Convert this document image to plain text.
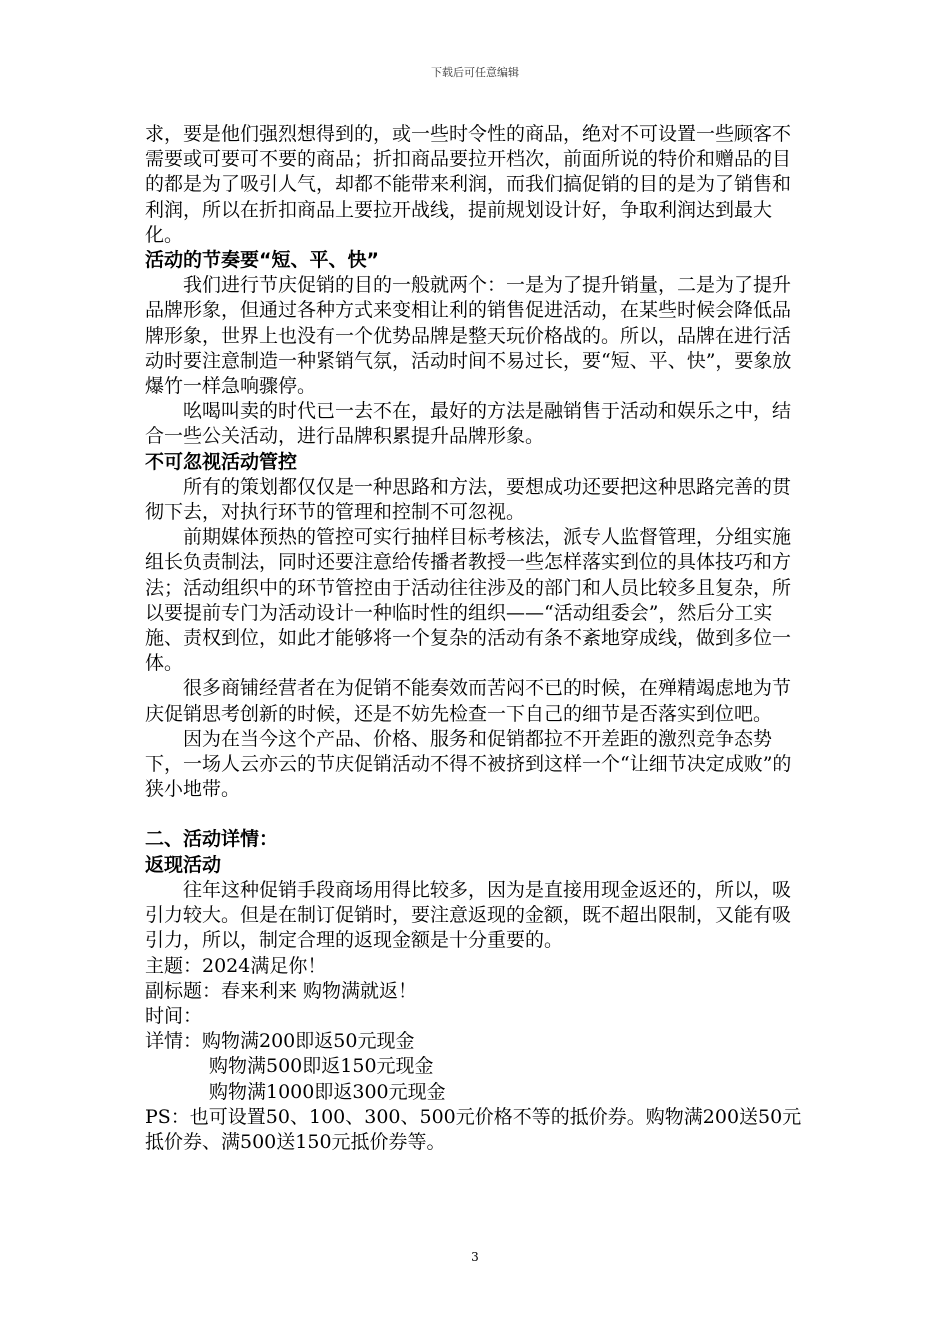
下载后可任意编辑

求，要是他们强烈想得到的，或一些时令性的商品，绝对不可设置一些顾客不需要或可要可不要的商品；折扣商品要拉开档次，前面所说的特价和赠品的目的都是为了吸引人气，却都不能带来利润，而我们搞促销的目的是为了销售和利润，所以在折扣商品上要拉开战线，提前规划设计好，争取利润达到最大化。

活动的节奏要“短、平、快”

我们进行节庆促销的目的一般就两个：一是为了提升销量，二是为了提升品牌形象，但通过各种方式来变相让利的销售促进活动，在某些时候会降低品牌形象，世界上也没有一个优势品牌是整天玩价格战的。所以，品牌在进行活动时要注意制造一种紧销气氛，活动时间不易过长，要“短、平、快”，要象放爆竹一样急响骤停。

吆喝叫卖的时代已一去不在，最好的方法是融销售于活动和娱乐之中，结合一些公关活动，进行品牌积累提升品牌形象。

不可忽视活动管控

所有的策划都仅仅是一种思路和方法，要想成功还要把这种思路完善的贯彻下去，对执行环节的管理和控制不可忽视。

前期媒体预热的管控可实行抽样目标考核法，派专人监督管理，分组实施组长负责制法，同时还要注意给传播者教授一些怎样落实到位的具体技巧和方法；活动组织中的环节管控由于活动往往涉及的部门和人员比较多且复杂，所以要提前专门为活动设计一种临时性的组织——“活动组委会”，然后分工实施、责权到位，如此才能够将一个复杂的活动有条不紊地穿成线，做到多位一体。

很多商铺经营者在为促销不能奏效而苦闷不已的时候，在殚精竭虑地为节庆促销思考创新的时候，还是不妨先检查一下自己的细节是否落实到位吧。

因为在当今这个产品、价格、服务和促销都拉不开差距的激烈竞争态势下，一场人云亦云的节庆促销活动不得不被挤到这样一个“让细节决定成败”的狭小地带。

二、活动详情：

返现活动

往年这种促销手段商场用得比较多，因为是直接用现金返还的，所以，吸引力较大。但是在制订促销时，要注意返现的金额，既不超出限制，又能有吸引力，所以，制定合理的返现金额是十分重要的。

主题：2024满足你！

副标题：春来利来 购物满就返！

时间：

详情：购物满200即返50元现金

购物满500即返150元现金

购物满1000即返300元现金

PS：也可设置50、100、300、500元价格不等的抵价券。购物满200送50元抵价券、满500送150元抵价券等。

3
